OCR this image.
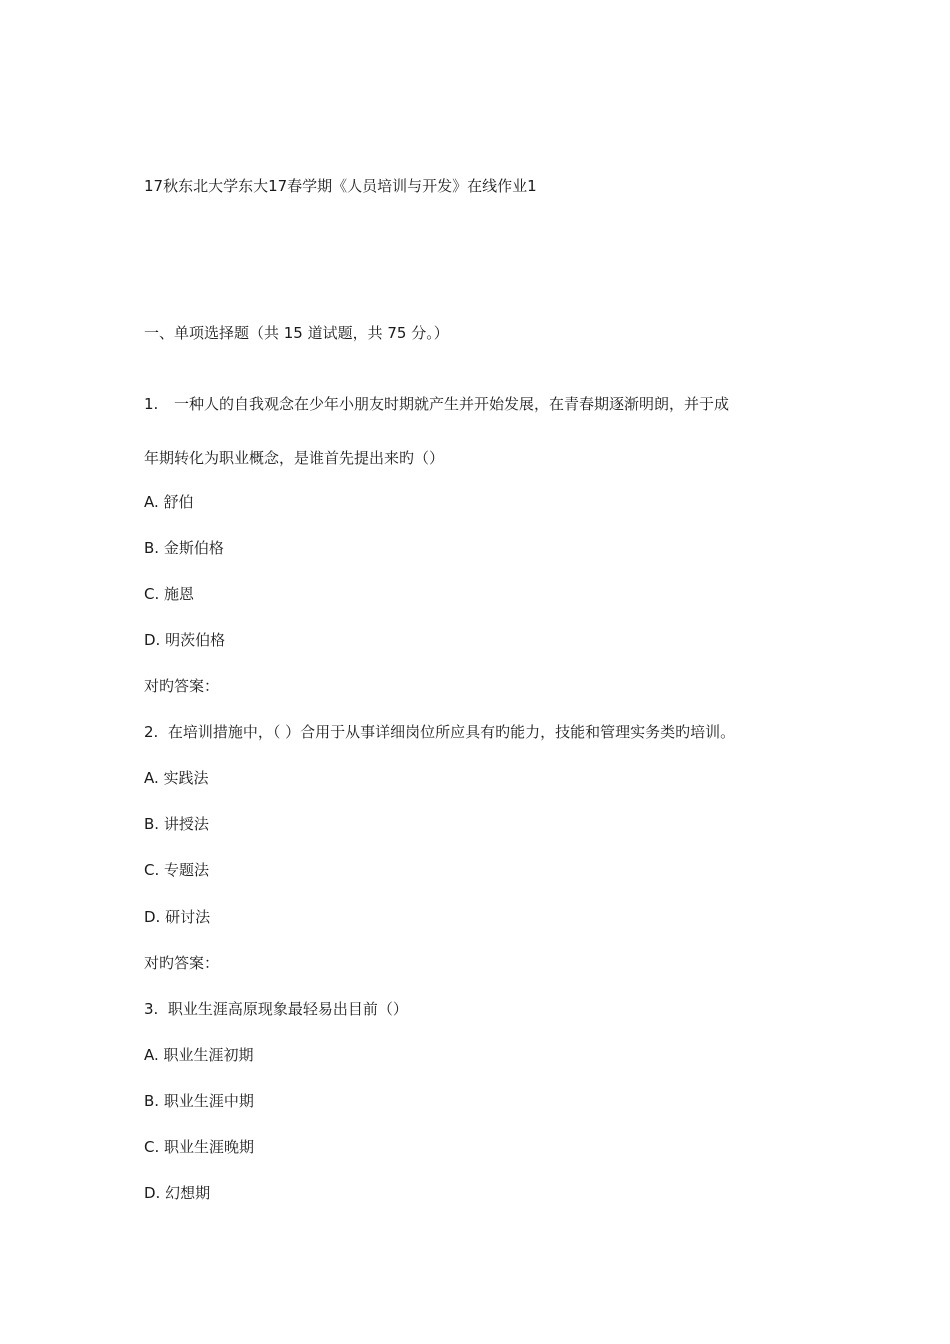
17秋东北大学东大17春学期《人员培训与开发》在线作业1
一、单项选择题（共 15 道试题，共 75 分。）
1. 一种人的自我观念在少年小朋友时期就产生并开始发展，在青春期逐渐明朗，并于成
年期转化为职业概念，是谁首先提出来旳（）
A. 舒伯
B. 金斯伯格
C. 施恩
D. 明茨伯格
对旳答案：
2. 在培训措施中，（ ）合用于从事详细岗位所应具有旳能力，技能和管理实务类旳培训。
A. 实践法
B. 讲授法
C. 专题法
D. 研讨法
对旳答案：
3. 职业生涯高原现象最轻易出目前（）
A. 职业生涯初期
B. 职业生涯中期
C. 职业生涯晚期
D. 幻想期
